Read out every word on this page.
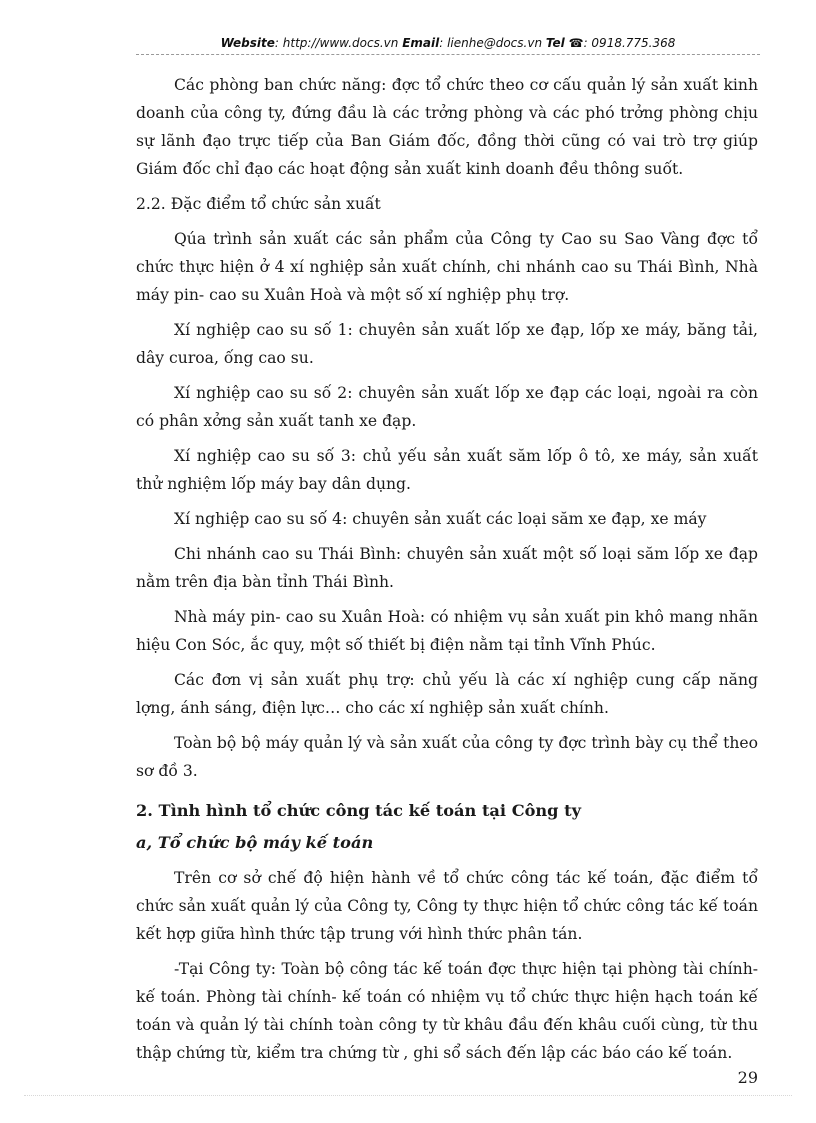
Website: http://www.docs.vn Email: lienhe@docs.vn Tel ☎: 0918.775.368

Các phòng ban chức năng: đợc tổ chức theo cơ cấu quản lý sản xuất kinh doanh của công ty, đứng đầu là các trởng phòng và các phó trởng phòng chịu sự lãnh đạo trực tiếp của Ban Giám đốc, đồng thời cũng có vai trò trợ giúp Giám đốc chỉ đạo các hoạt động sản xuất kinh doanh đều thông suốt.

2.2. Đặc điểm tổ chức sản xuất

Qúa trình sản xuất các sản phẩm của Công ty Cao su Sao Vàng đợc tổ chức thực hiện ở 4 xí nghiệp sản xuất chính, chi nhánh cao su Thái Bình, Nhà máy pin- cao su Xuân Hoà và một số xí nghiệp phụ trợ.

Xí nghiệp cao su số 1: chuyên sản xuất lốp xe đạp, lốp xe máy, băng tải, dây curoa, ống cao su.

Xí nghiệp cao su số 2: chuyên sản xuất lốp xe đạp các loại, ngoài ra còn có phân xởng sản xuất tanh xe đạp.

Xí nghiệp cao su số 3: chủ yếu sản xuất săm lốp ô tô, xe máy, sản xuất thử nghiệm lốp máy bay dân dụng.

Xí nghiệp cao su số 4: chuyên sản xuất các loại săm xe đạp, xe máy

Chi nhánh cao su Thái Bình: chuyên sản xuất một số loại săm lốp xe đạp nằm trên địa bàn tỉnh Thái Bình.

Nhà máy pin- cao su Xuân Hoà: có nhiệm vụ sản xuất pin khô mang nhãn hiệu Con Sóc, ắc quy, một số thiết bị điện nằm tại tỉnh Vĩnh Phúc.

Các đơn vị sản xuất phụ trợ: chủ yếu là các xí nghiệp cung cấp năng lợng, ánh sáng, điện lực… cho các xí nghiệp sản xuất chính.

Toàn bộ bộ máy quản lý và sản xuất của công ty đợc trình bày cụ thể theo sơ đồ 3.

2. Tình hình tổ chức công tác kế toán tại Công ty

a, Tổ chức bộ máy kế toán

Trên cơ sở chế độ hiện hành về tổ chức công tác kế toán, đặc điểm tổ chức sản xuất quản lý của Công ty, Công ty thực hiện tổ chức công tác kế toán kết hợp giữa hình thức tập trung với hình thức phân tán.

-Tại Công ty: Toàn bộ công tác kế toán đợc thực hiện tại phòng tài chính- kế toán. Phòng tài chính- kế toán có nhiệm vụ tổ chức thực hiện hạch toán kế toán và quản lý tài chính toàn công ty từ khâu đầu đến khâu cuối cùng, từ thu thập chứng từ, kiểm tra chứng từ , ghi sổ sách đến lập các báo cáo kế toán.

29
